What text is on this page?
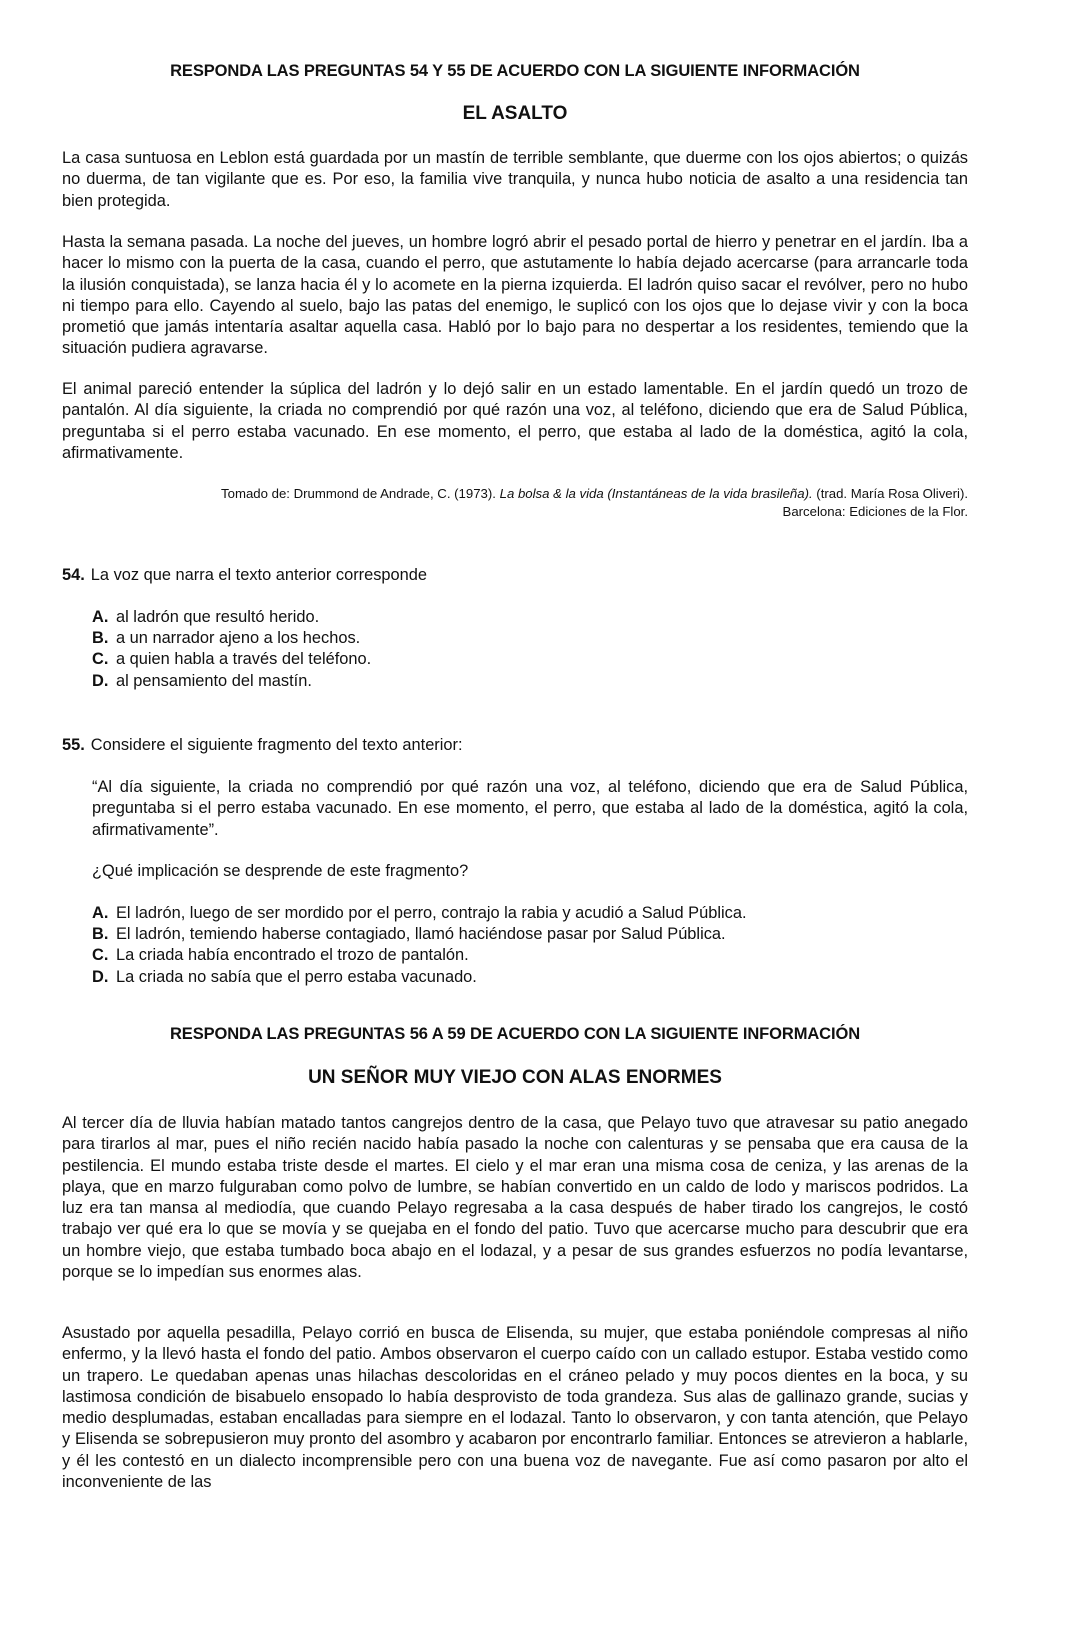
RESPONDA LAS PREGUNTAS 54 Y 55 DE ACUERDO CON LA SIGUIENTE INFORMACIÓN
EL ASALTO

La casa suntuosa en Leblon está guardada por un mastín de terrible semblante, que duerme con los ojos abiertos; o quizás no duerma, de tan vigilante que es. Por eso, la familia vive tranquila, y nunca hubo noticia de asalto a una residencia tan bien protegida.

Hasta la semana pasada. La noche del jueves, un hombre logró abrir el pesado portal de hierro y penetrar en el jardín. Iba a hacer lo mismo con la puerta de la casa, cuando el perro, que astutamente lo había dejado acercarse (para arrancarle toda la ilusión conquistada), se lanza hacia él y lo acomete en la pierna izquierda. El ladrón quiso sacar el revólver, pero no hubo ni tiempo para ello. Cayendo al suelo, bajo las patas del enemigo, le suplicó con los ojos que lo dejase vivir y con la boca prometió que jamás intentaría asaltar aquella casa. Habló por lo bajo para no despertar a los residentes, temiendo que la situación pudiera agravarse.

El animal pareció entender la súplica del ladrón y lo dejó salir en un estado lamentable. En el jardín quedó un trozo de pantalón. Al día siguiente, la criada no comprendió por qué razón una voz, al teléfono, diciendo que era de Salud Pública, preguntaba si el perro estaba vacunado. En ese momento, el perro, que estaba al lado de la doméstica, agitó la cola, afirmativamente.

Tomado de: Drummond de Andrade, C. (1973). La bolsa & la vida (Instantáneas de la vida brasileña). (trad. María Rosa Oliveri).
Barcelona: Ediciones de la Flor.
54. La voz que narra el texto anterior corresponde
A. al ladrón que resultó herido.
B. a un narrador ajeno a los hechos.
C. a quien habla a través del teléfono.
D. al pensamiento del mastín.
55. Considere el siguiente fragmento del texto anterior:

“Al día siguiente, la criada no comprendió por qué razón una voz, al teléfono, diciendo que era de Salud Pública, preguntaba si el perro estaba vacunado. En ese momento, el perro, que estaba al lado de la doméstica, agitó la cola, afirmativamente”.

¿Qué implicación se desprende de este fragmento?
A. El ladrón, luego de ser mordido por el perro, contrajo la rabia y acudió a Salud Pública.
B. El ladrón, temiendo haberse contagiado, llamó haciéndose pasar por Salud Pública.
C. La criada había encontrado el trozo de pantalón.
D. La criada no sabía que el perro estaba vacunado.
RESPONDA LAS PREGUNTAS 56 A 59 DE ACUERDO CON LA SIGUIENTE INFORMACIÓN
UN SEÑOR MUY VIEJO CON ALAS ENORMES

Al tercer día de lluvia habían matado tantos cangrejos dentro de la casa, que Pelayo tuvo que atravesar su patio anegado para tirarlos al mar, pues el niño recién nacido había pasado la noche con calenturas y se pensaba que era causa de la pestilencia. El mundo estaba triste desde el martes. El cielo y el mar eran una misma cosa de ceniza, y las arenas de la playa, que en marzo fulguraban como polvo de lumbre, se habían convertido en un caldo de lodo y mariscos podridos. La luz era tan mansa al mediodía, que cuando Pelayo regresaba a la casa después de haber tirado los cangrejos, le costó trabajo ver qué era lo que se movía y se quejaba en el fondo del patio. Tuvo que acercarse mucho para descubrir que era un hombre viejo, que estaba tumbado boca abajo en el lodazal, y a pesar de sus grandes esfuerzos no podía levantarse, porque se lo impedían sus enormes alas.

Asustado por aquella pesadilla, Pelayo corrió en busca de Elisenda, su mujer, que estaba poniéndole compresas al niño enfermo, y la llevó hasta el fondo del patio. Ambos observaron el cuerpo caído con un callado estupor. Estaba vestido como un trapero. Le quedaban apenas unas hilachas descoloridas en el cráneo pelado y muy pocos dientes en la boca, y su lastimosa condición de bisabuelo ensopado lo había desprovisto de toda grandeza. Sus alas de gallinazo grande, sucias y medio desplumadas, estaban encalladas para siempre en el lodazal. Tanto lo observaron, y con tanta atención, que Pelayo y Elisenda se sobrepusieron muy pronto del asombro y acabaron por encontrarlo familiar. Entonces se atrevieron a hablarle, y él les contestó en un dialecto incomprensible pero con una buena voz de navegante. Fue así como pasaron por alto el inconveniente de las
